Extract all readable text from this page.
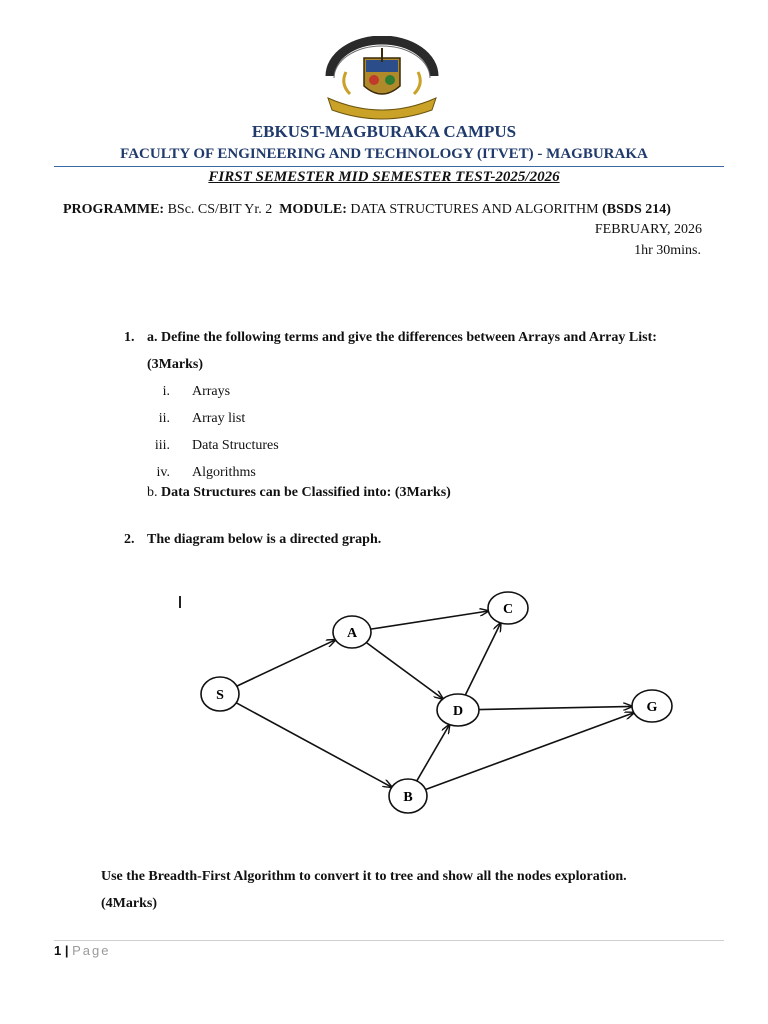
EBKUST-MAGBURAKA CAMPUS
FACULTY OF ENGINEERING AND TECHNOLOGY (ITVET) - MAGBURAKA
FIRST SEMESTER MID SEMESTER TEST-2025/2026
PROGRAMME: BSc. CS/BIT Yr. 2 MODULE: DATA STRUCTURES AND ALGORITHM (BSDS 214)
FEBRUARY, 2026
1hr 30mins.
1. a. Define the following terms and give the differences between Arrays and Array List:
(3Marks)
i. Arrays
ii. Array list
iii. Data Structures
iv. Algorithms
b. Data Structures can be Classified into: (3Marks)
2. The diagram below is a directed graph.
S
A
B
C
D	G
Use the Breadth-First Algorithm to convert it to tree and show all the nodes exploration.
(4Marks)
1 | Page
